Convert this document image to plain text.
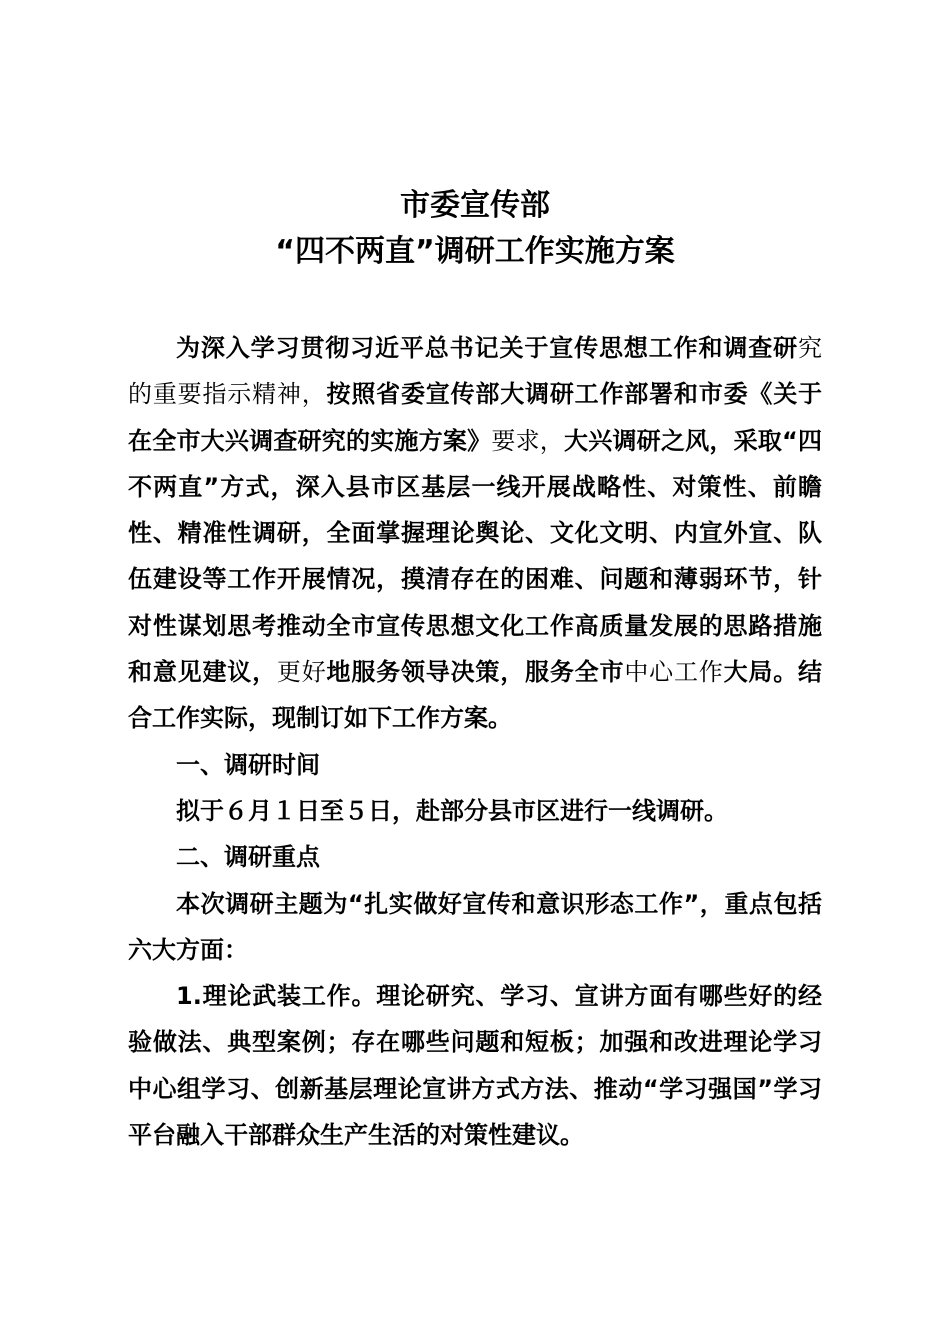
市委宣传部
“四不两直”调研工作实施方案

为深入学习贯彻习近平总书记关于宣传思想工作和调查研究的重要指示精神，按照省委宣传部大调研工作部署和市委《关于在全市大兴调查研究的实施方案》要求，大兴调研之风，采取“四不两直”方式，深入县市区基层一线开展战略性、对策性、前瞻性、精准性调研，全面掌握理论舆论、文化文明、内宣外宣、队伍建设等工作开展情况，摸清存在的困难、问题和薄弱环节，针对性谋划思考推动全市宣传思想文化工作高质量发展的思路措施和意见建议，更好地服务领导决策，服务全市中心工作大局。结合工作实际，现制订如下工作方案。

一、调研时间

拟于６月１日至５日，赴部分县市区进行一线调研。

二、调研重点

本次调研主题为“扎实做好宣传和意识形态工作”，重点包括六大方面：

1.理论武装工作。理论研究、学习、宣讲方面有哪些好的经验做法、典型案例；存在哪些问题和短板；加强和改进理论学习中心组学习、创新基层理论宣讲方式方法、推动“学习强国”学习平台融入干部群众生产生活的对策性建议。
